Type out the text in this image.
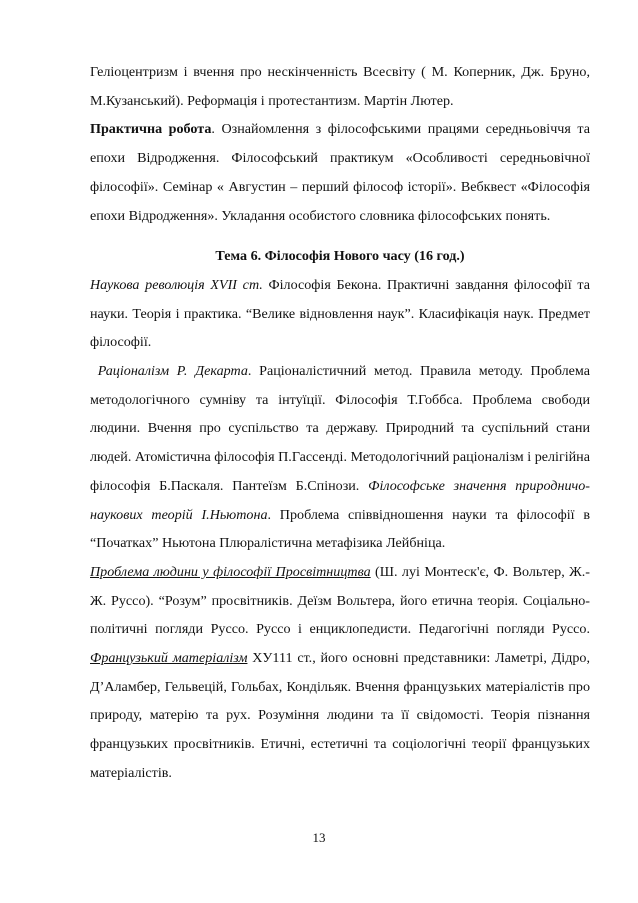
Геліоцентризм і вчення про нескінченність Всесвіту ( М. Коперник, Дж. Бруно, М.Кузанський). Реформація і протестантизм. Мартін Лютер.

Практична робота. Ознайомлення з філософськими працями середньовіччя та епохи Відродження. Філософський практикум «Особливості середньовічної філософії». Семінар « Августин – перший філософ історії». Вебквест «Філософія епохи Відродження». Укладання особистого словника філософських понять.

Тема 6. Філософія Нового часу (16 год.)

Наукова революція XVII ст. Філософія Бекона. Практичні завдання філософії та науки. Теорія і практика. “Велике відновлення наук”. Класифікація наук. Предмет філософії.

Раціоналізм Р. Декарта. Раціоналістичний метод. Правила методу. Проблема методологічного сумніву та інтуїції. Філософія Т.Гоббса. Проблема свободи людини. Вчення про суспільство та державу. Природний та суспільний стани людей. Атомістична філософія П.Гассенді. Методологічний раціоналізм і релігійна філософія Б.Паскаля. Пантеїзм Б.Спінози. Філософське значення природничо-наукових теорій І.Ньютона. Проблема співвідношення науки та філософії в “Початках” Ньютона Плюралістична метафізика Лейбніца.

Проблема людини у філософії Просвітництва (Ш. луі Монтеск'є, Ф. Вольтер, Ж.-Ж. Руссо). “Розум” просвітників. Деїзм Вольтера, його етична теорія. Соціально-політичні погляди Руссо. Руссо і енциклопедисти. Педагогічні погляди Руссо. Французький матеріалізм ХУ111 ст., його основні представники: Ламетрі, Дідро, Д’Аламбер, Гельвецій, Гольбах, Кондільяк. Вчення французьких матеріалістів про природу, матерію та рух. Розуміння людини та її свідомості. Теорія пізнання французьких просвітників. Етичні, естетичні та соціологічні теорії французьких матеріалістів.

13
